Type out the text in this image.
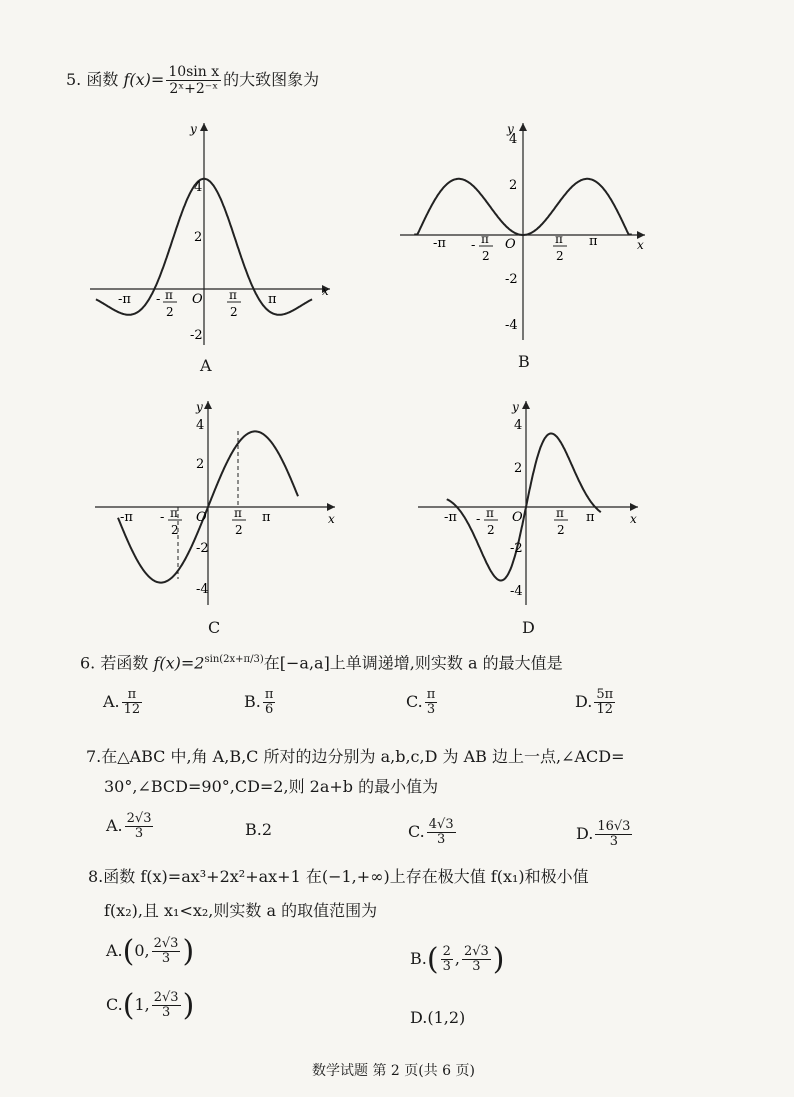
5. 函数 $f(x)= \frac{\text{10sin x}}{\text{2ˣ+2⁻ˣ}}$ 的大致图象为
x
y
O
4
2
-2
-π	π
- π
2
π
2
A
x
y
O
4
2
-2
-4
-π	π
- π
2
π
2
B
x
y
O
4
2
-2
-4
-π	π
- π
2
π
2
C
x
y
O
4
2
-2
-4
-π	π
- π
2
π
2
D
6. 若函数 $f(x)=2^{sin(2x+\pi/3)}$在[−a,a]上单调递增,则实数 a 的最大值是
A. $\frac{\pi}{12}$	B. $\frac{\pi}{6}$	C. $\frac{\pi}{3}$	D. $\frac{5\pi}{12}$
7.在△ABC 中,角 A,B,C 所对的边分别为 a,b,c,D 为 AB 边上一点,∠ACD=
30°,∠BCD=90°,CD=2,则 2a+b 的最小值为
A. $\frac{2√3}{3}$	B.2	C. $\frac{4√3}{3}$	D. $\frac{16√3}{3}$
8.函数 f(x)=ax³+2x²+ax+1 在(−1,+∞)上存在极大值 f(x₁)和极小值
f(x₂),且 x₁<x₂,则实数 a 的取值范围为
A.(0, $\frac{2√3}{3}$ )	$B.( \frac{2}{3}$ , $\frac{2√3}{3}$ )
C.(1, $\frac{2√3}{3}$ )	D.(1,2)
数学试题 第 2 页(共 6 页)
